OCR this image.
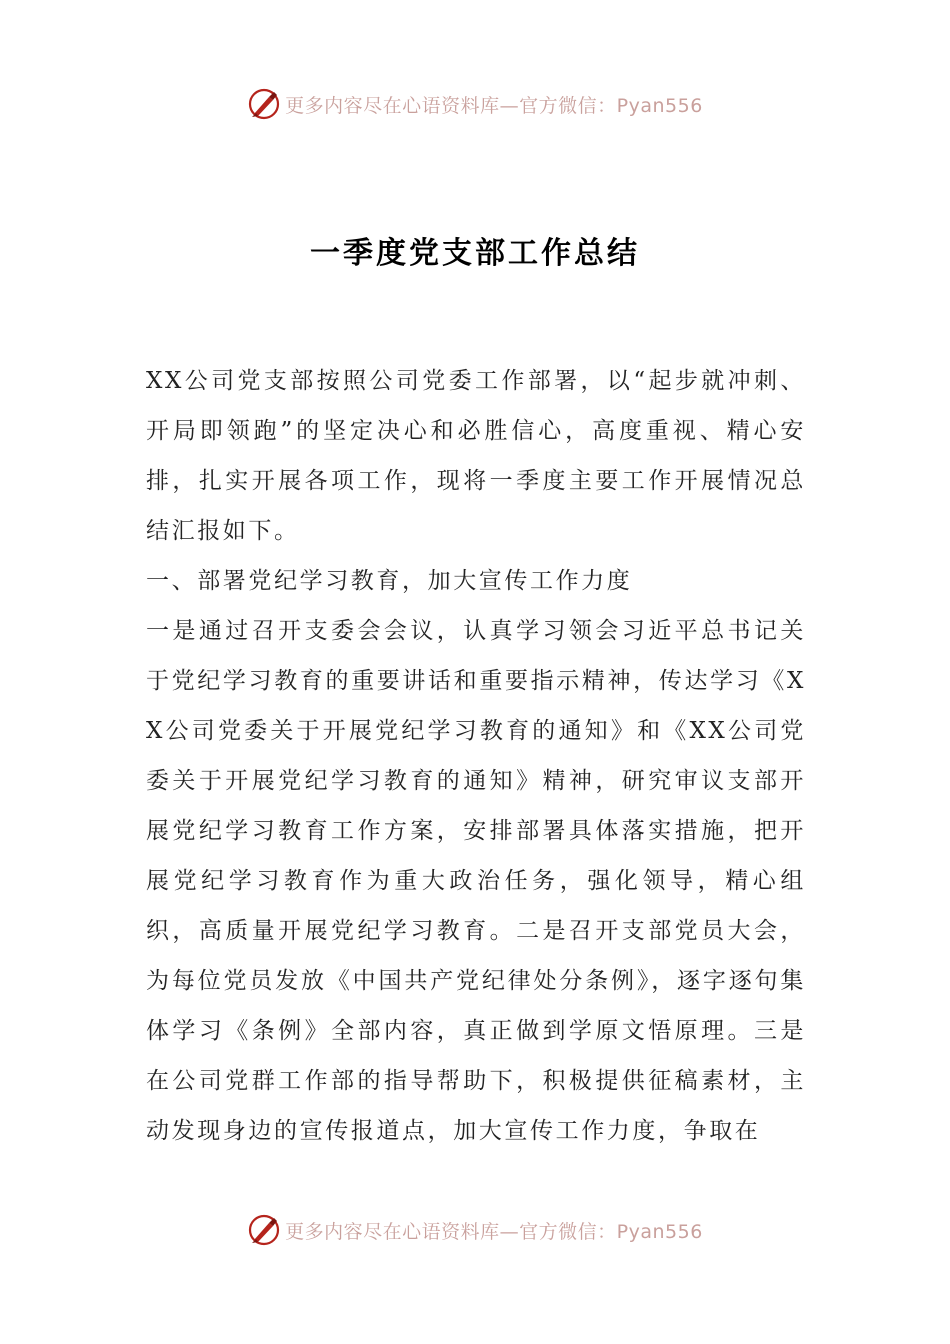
更多内容尽在心语资料库—官方微信：Pyan556
一季度党支部工作总结

XX公司党支部按照公司党委工作部署，以“起步就冲刺、开局即领跑”的坚定决心和必胜信心，高度重视、精心安排，扎实开展各项工作，现将一季度主要工作开展情况总结汇报如下。

一、部署党纪学习教育，加大宣传工作力度

一是通过召开支委会会议，认真学习领会习近平总书记关于党纪学习教育的重要讲话和重要指示精神，传达学习《XX公司党委关于开展党纪学习教育的通知》和《XX公司党委关于开展党纪学习教育的通知》精神，研究审议支部开展党纪学习教育工作方案，安排部署具体落实措施，把开展党纪学习教育作为重大政治任务，强化领导，精心组织，高质量开展党纪学习教育。二是召开支部党员大会，为每位党员发放《中国共产党纪律处分条例》，逐字逐句集体学习《条例》全部内容，真正做到学原文悟原理。三是在公司党群工作部的指导帮助下，积极提供征稿素材，主动发现身边的宣传报道点，加大宣传工作力度，争取在

更多内容尽在心语资料库—官方微信：Pyan556
